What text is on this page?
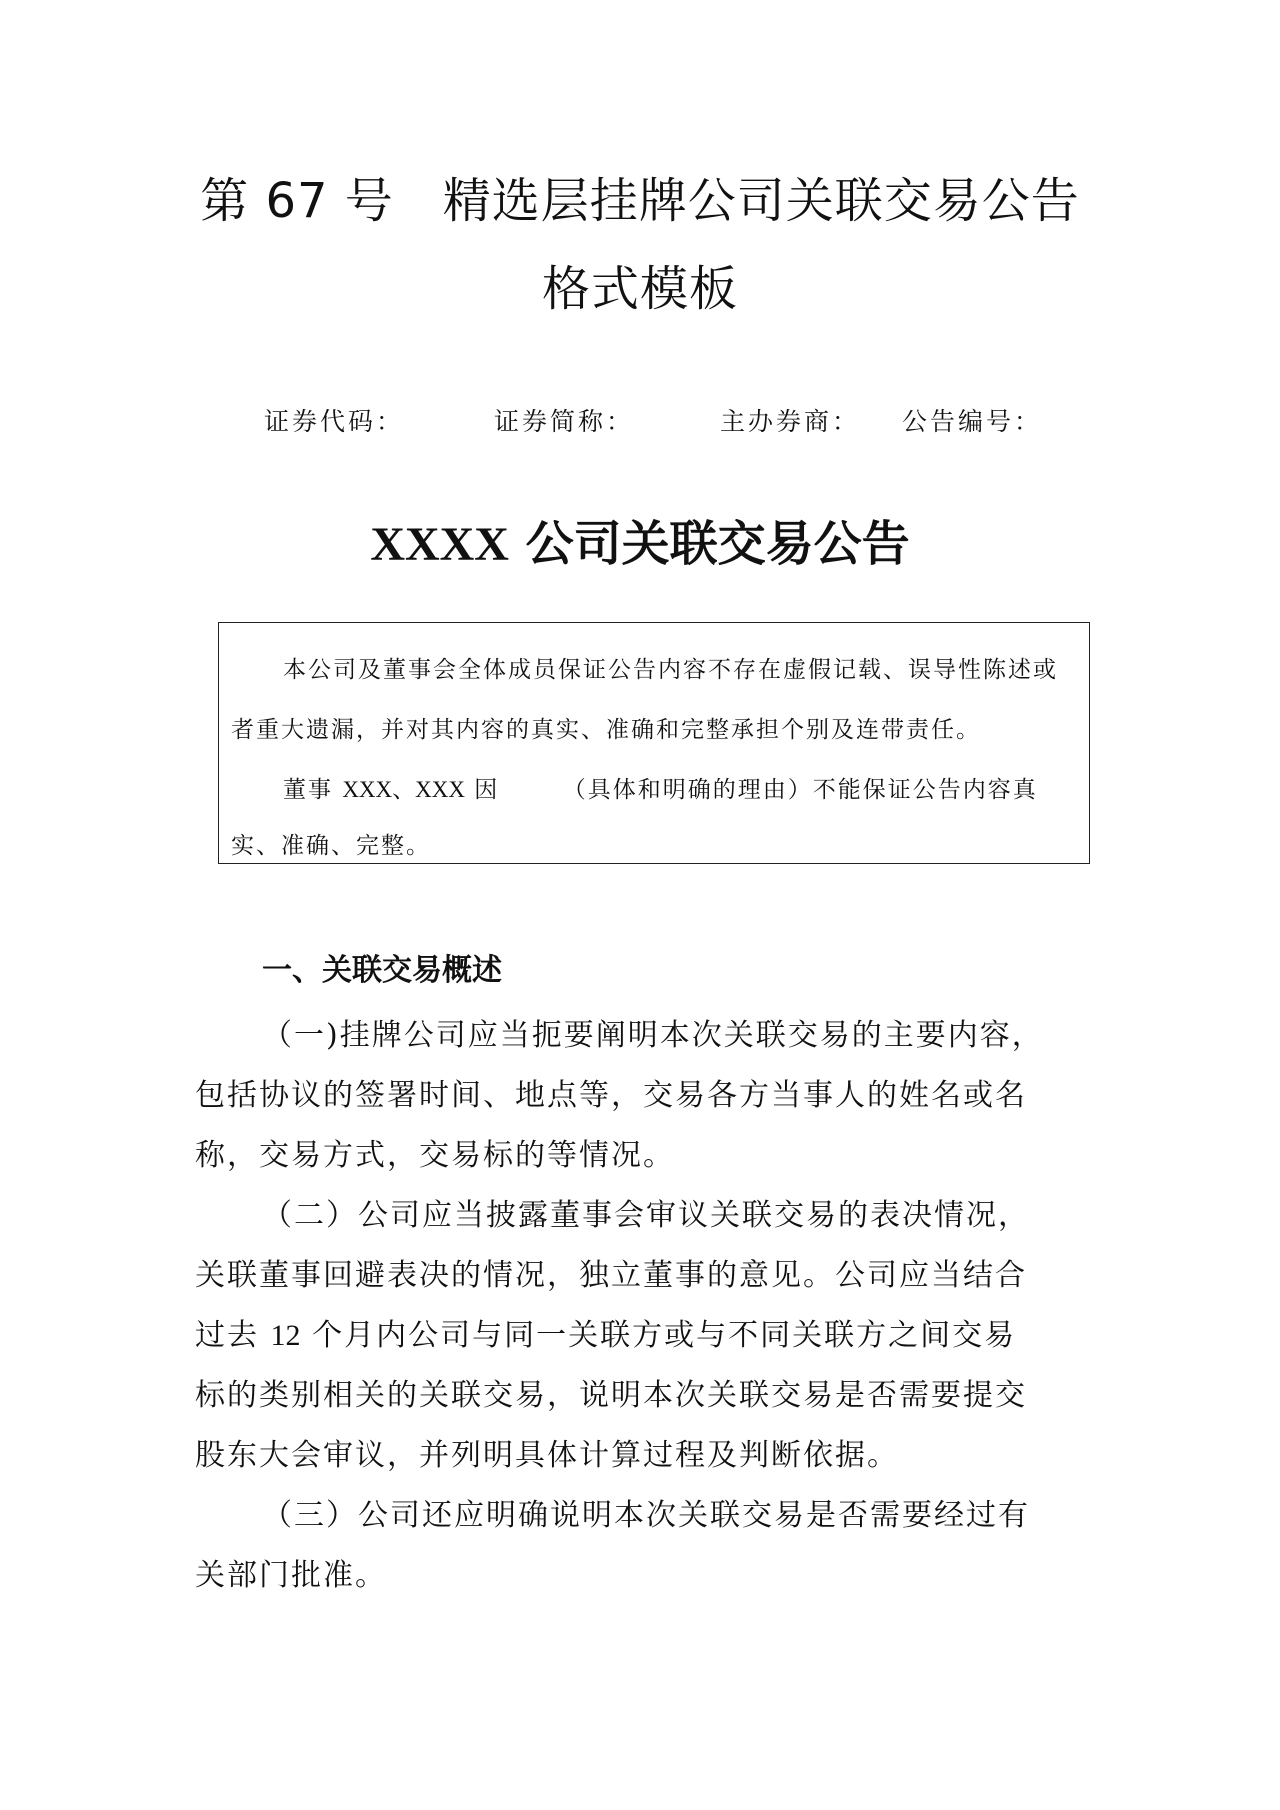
第 67 号　精选层挂牌公司关联交易公告
格式模板
证券代码：	证券简称：	主办券商： 公告编号：
XXXX 公司关联交易公告
本公司及董事会全体成员保证公告内容不存在虚假记载、误导性陈述或
者重大遗漏，并对其内容的真实、准确和完整承担个别及连带责任。
董事 XXX、XXX 因　　　（具体和明确的理由）不能保证公告内容真
实、准确、完整。
一、关联交易概述
（一)挂牌公司应当扼要阐明本次关联交易的主要内容，
包括协议的签署时间、地点等，交易各方当事人的姓名或名
称，交易方式，交易标的等情况。
（二）公司应当披露董事会审议关联交易的表决情况，
关联董事回避表决的情况，独立董事的意见。公司应当结合
过去 12 个月内公司与同一关联方或与不同关联方之间交易
标的类别相关的关联交易，说明本次关联交易是否需要提交
股东大会审议，并列明具体计算过程及判断依据。
（三）公司还应明确说明本次关联交易是否需要经过有
关部门批准。
